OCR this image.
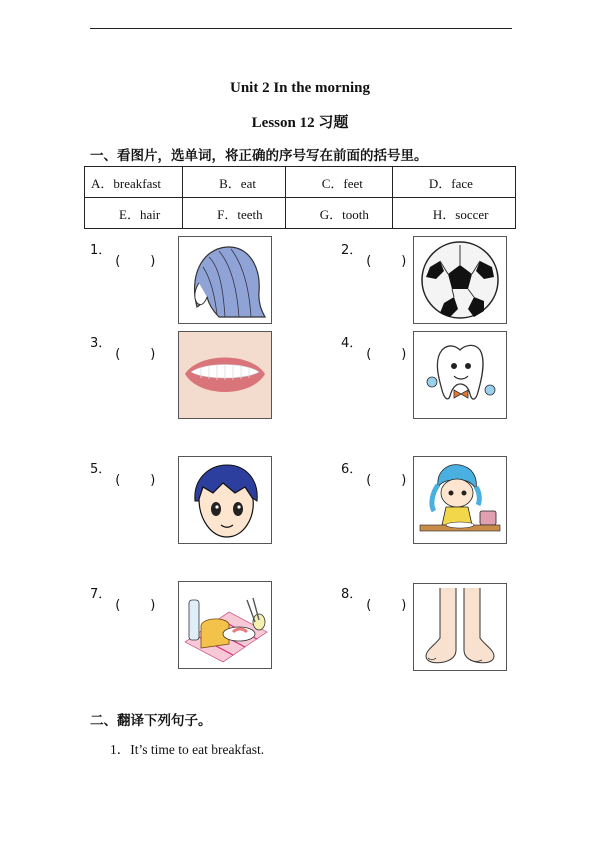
Unit 2 In the morning
Lesson 12 习题
一、看图片，选单词，将正确的序号写在前面的括号里。
A．breakfast	B．eat	C．feet	D．face
E．hair	F．teeth	G．tooth	H．soccer
1．	2．
3．	4．
5．	6．
7．	8．
二、翻译下列句子。
1．It’s time to eat breakfast.
